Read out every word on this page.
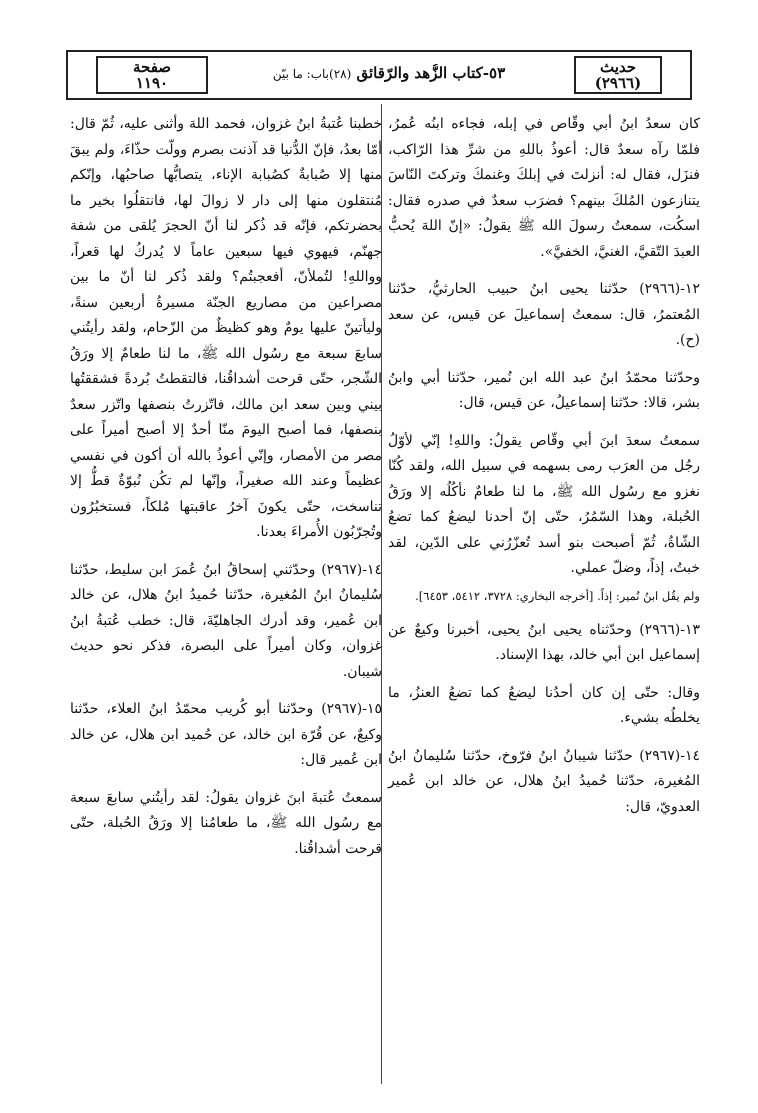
حديث
(٢٩٦٦)
٥٣-كتاب الزُّهد والرّقائق (٢٨)باب: ما بيّن
صفحة
١١٩٠

كان سعدُ ابنُ أبي وقّاص في إبله، فجاءه ابنُه عُمرُ، فلمّا رآه سعدٌ قال: أعوذُ باللهِ من شرِّ هذا الرّاكب، فنزَل، فقال له: أنزلتَ في إبلكَ وغنمكَ وتركتَ النّاسَ يتنازعون المُلكَ بينهم؟ فضرَب سعدٌ في صدره فقال: اسكُت، سمعتُ رسولَ الله ﷺ يقولُ: «إنّ اللهَ يُحبُّ العبدَ التّقيَّ، الغنيَّ، الخفيَّ».

١٢-(٢٩٦٦) حدّثنا يحيى ابنُ حبيب الحارثيُّ، حدّثنا المُعتمرُ، قال: سمعتُ إسماعيلَ عن قيس، عن سعد (ح).

وحدّثنا محمّدُ ابنُ عبد الله ابن نُمير، حدّثنا أبي وابنُ بشر، قالا: حدّثنا إسماعيلُ، عن قيس، قال:

سمعتُ سعدَ ابنَ أبي وقّاص يقولُ: واللهِ! إنّي لأوّلُ رجُل من العرَب رمى بسهمه في سبيل الله، ولقد كُنّا نغزو مع رسُول الله ﷺ، ما لنا طعامٌ نأكُلُه إلا ورَقُ الحُبلة، وهذا السّمُرُ، حتّى إنّ أحدنا ليضعُ كما تضعُ الشّاةُ، ثُمّ أصبحت بنو أسد تُعزّرُني على الدّين، لقد خبتُ، إذاً، وضلّ عملي.

ولم يقُل ابنُ نُمير: إذاً. [أخرجه البخاري: ٣٧٢٨، ٥٤١٢، ٦٤٥٣].

١٣-(٢٩٦٦) وحدّثناه يحيى ابنُ يحيى، أخبرنا وكيعٌ عن إسماعيل ابن أبي خالد، بهذا الإسناد.

وقال: حتّى إن كان أحدُنا ليضعُ كما تضعُ العنزُ، ما يخلطُه بشيء.

١٤-(٢٩٦٧) حدّثنا شيبانُ ابنُ فرّوخ، حدّثنا سُليمانُ ابنُ المُغيرة، حدّثنا حُميدُ ابنُ هلال، عن خالد ابن عُمير العدويّ، قال:

خطبنا عُتبةُ ابنُ غزوان، فحمد اللهَ وأثنى عليه، ثُمّ قال: أمّا بعدُ، فإنّ الدُّنيا قد آذنت بصرم وولّت حذّاءَ، ولم يبقَ منها إلا صُبابةٌ كصُبابة الإناء، يتصابُّها صاحبُها، وإنّكم مُنتقلون منها إلى دار لا زوالَ لها، فانتقلُوا بخير ما بحضرتكم، فإنّه قد ذُكر لنا أنّ الحجرَ يُلقى من شفة جهنّم، فيهوي فيها سبعين عاماً لا يُدركُ لها قعراً، وواللهِ! لتُملأنّ، أفعجبتُم؟ ولقد ذُكر لنا أنّ ما بين مصراعين من مصاريع الجنّة مسيرةُ أربعين سنةً، وليأتينّ عليها يومٌ وهو كظيظٌ من الزّحام، ولقد رأيتُني سابعَ سبعة مع رسُول الله ﷺ، ما لنا طعامٌ إلا ورَقُ الشّجر، حتّى قرحت أشداقُنا، فالتقطتُ بُردةً فشققتُها بيني وبين سعد ابن مالك، فاتّزرتُ بنصفها واتّزر سعدٌ بنصفها، فما أصبح اليومَ منّا أحدٌ إلا أصبح أميراً على مصر من الأمصار، وإنّي أعوذُ بالله أن أكون في نفسي عظيماً وعند الله صغيراً، وإنّها لم تكُن نُبوّةٌ قطُّ إلا تناسخت، حتّى يكونَ آخرُ عاقبتها مُلكاً، فستخبُرُون وتُجرّبُون الأُمراءَ بعدنا.

١٤-(٢٩٦٧) وحدّثني إسحاقُ ابنُ عُمرَ ابن سليط، حدّثنا سُليمانُ ابنُ المُغيرة، حدّثنا حُميدُ ابنُ هلال، عن خالد ابن عُمير، وقد أدرك الجاهليّةَ، قال: خطب عُتبةُ ابنُ غزوان، وكان أميراً على البصرة، فذكر نحو حديث شيبان.

١٥-(٢٩٦٧) وحدّثنا أبو كُريب محمّدُ ابنُ العلاء، حدّثنا وكيعٌ، عن قُرّة ابن خالد، عن حُميد ابن هلال، عن خالد ابن عُمير قال:

سمعتُ عُتبةَ ابنَ غزوان يقولُ: لقد رأيتُني سابعَ سبعة مع رسُول الله ﷺ، ما طعامُنا إلا ورَقُ الحُبلة، حتّى قرحت أشداقُنا.
